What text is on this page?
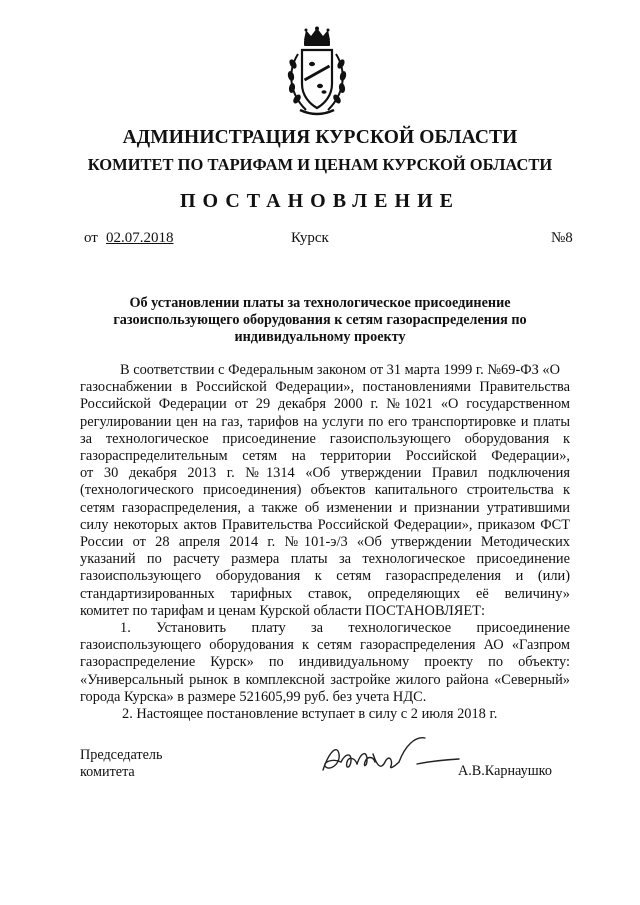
АДМИНИСТРАЦИЯ КУРСКОЙ ОБЛАСТИ
КОМИТЕТ ПО ТАРИФАМ И ЦЕНАМ КУРСКОЙ ОБЛАСТИ
ПОСТАНОВЛЕНИЕ
от 02.07.2018	Курск	№8
Об установлении платы за технологическое присоединение
газоиспользующего оборудования к сетям газораспределения по
индивидуальному проекту
В соответствии с Федеральным законом от 31 марта 1999 г. №69-ФЗ «О
газоснабжении в Российской Федерации», постановлениями Правительства
Российской Федерации от 29 декабря 2000 г. №1021 «О государственном
регулировании цен на газ, тарифов на услуги по его транспортировке и платы
за технологическое присоединение газоиспользующего оборудования к
газораспределительным сетям на территории Российской Федерации»,
от 30 декабря 2013 г. №1314 «Об утверждении Правил подключения
(технологического присоединения) объектов капитального строительства к
сетям газораспределения, а также об изменении и признании утратившими
силу некоторых актов Правительства Российской Федерации», приказом ФСТ
России от 28 апреля 2014 г. №101-э/3 «Об утверждении Методических
указаний по расчету размера платы за технологическое присоединение
газоиспользующего оборудования к сетям газораспределения и (или)
стандартизированных тарифных ставок, определяющих её величину»
комитет по тарифам и ценам Курской области ПОСТАНОВЛЯЕТ:
1. Установить плату за технологическое присоединение
газоиспользующего оборудования к сетям газораспределения АО «Газпром
газораспределение Курск» по индивидуальному проекту по объекту:
«Универсальный рынок в комплексной застройке жилого района «Северный»
города Курска» в размере 521605,99 руб. без учета НДС.
2. Настоящее постановление вступает в силу с 2 июля 2018 г.
Председатель
комитета	А.В.Карнаушко
